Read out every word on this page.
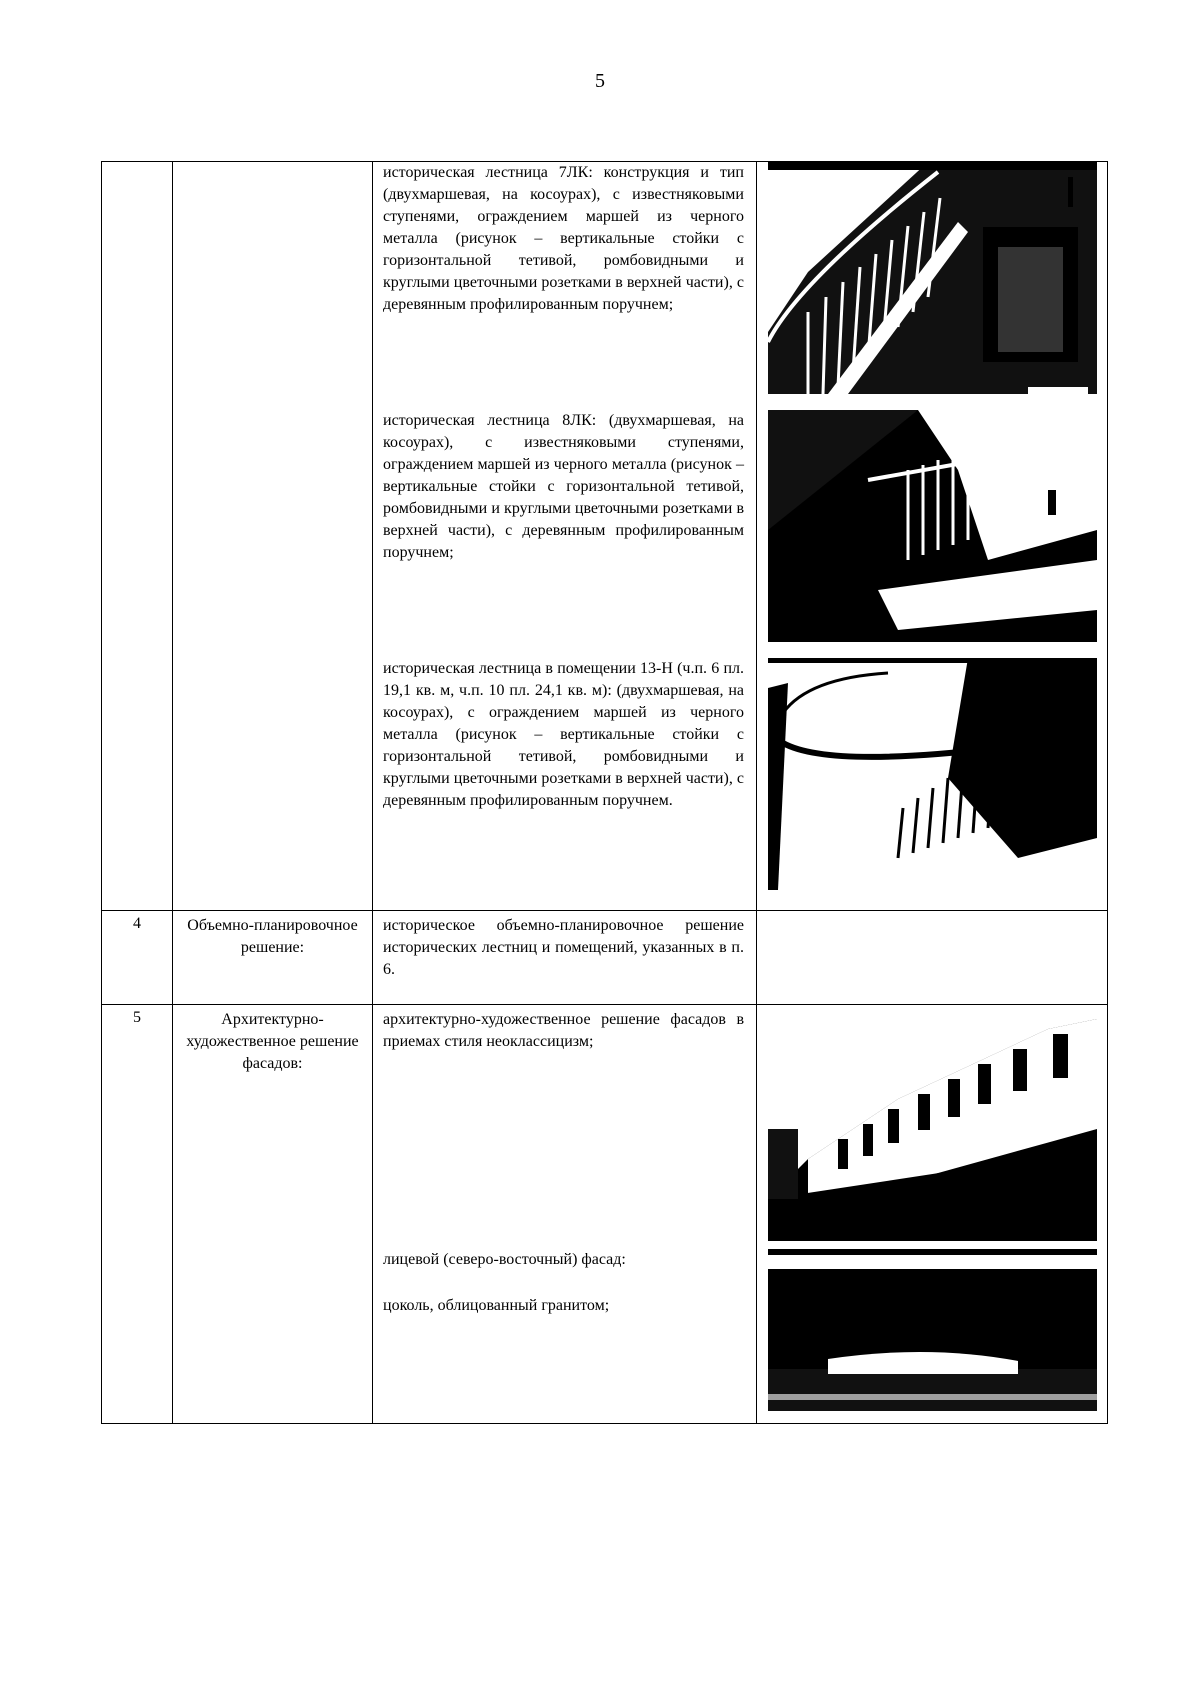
5

		историческая лестница 7ЛК: конструкция и тип (двухмаршевая, на косоурах), с известняковыми ступенями, ограждением маршей из черного металла (рисунок – вертикальные стойки с горизонтальной тетивой, ромбовидными и круглыми цветочными розетками в верхней части), с деревянным профилированным поручнем;

историческая лестница 8ЛК: (двухмаршевая, на косоурах), с известняковыми ступенями, ограждением маршей из черного металла (рисунок – вертикальные стойки с горизонтальной тетивой, ромбовидными и круглыми цветочными розетками в верхней части), с деревянным профилированным поручнем;

историческая лестница в помещении 13-Н (ч.п. 6 пл. 19,1 кв. м, ч.п. 10 пл. 24,1 кв. м): (двухмаршевая, на косоурах), с ограждением маршей из черного металла (рисунок – вертикальные стойки с горизонтальной тетивой, ромбовидными и круглыми цветочными розетками в верхней части), с деревянным профилированным поручнем.

4	Объемно-планировочное решение:	историческое объемно-планировочное решение исторических лестниц и помещений, указанных в п. 6.	

5	Архитектурно-художественное решение фасадов:	архитектурно-художественное решение фасадов в приемах стиля неоклассицизм;

лицевой (северо-восточный) фасад:

цоколь, облицованный гранитом;
